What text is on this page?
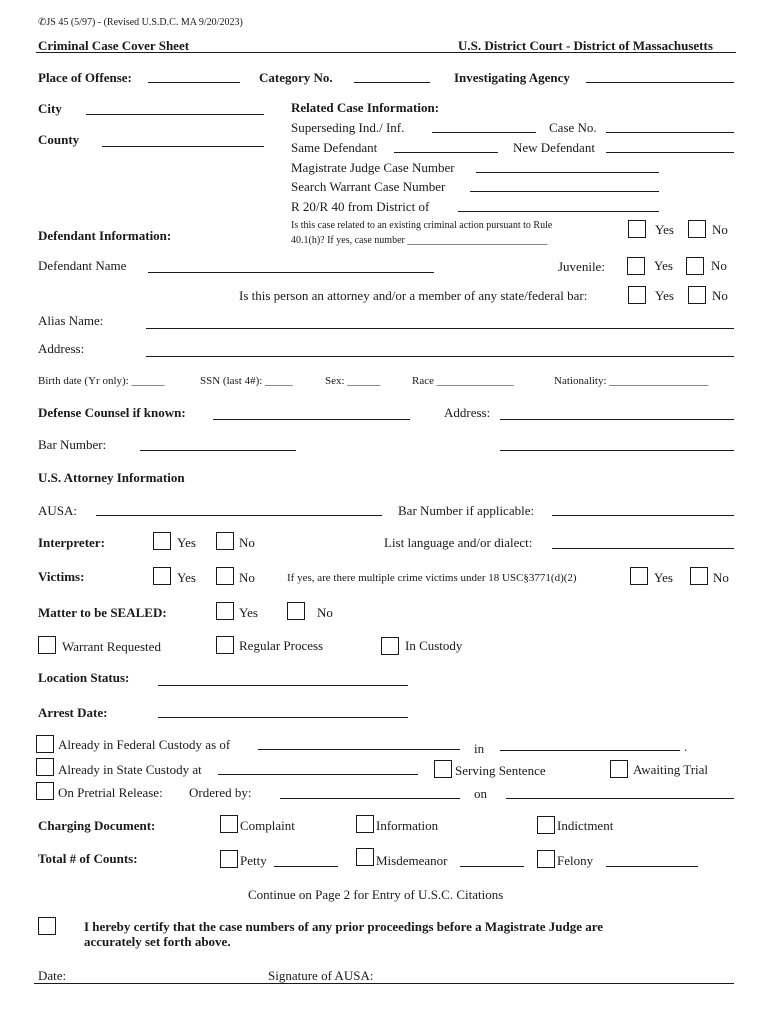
✆JS 45 (5/97) - (Revised U.S.D.C. MA 9/20/2023)
Criminal Case Cover Sheet	U.S. District Court - District of Massachusetts
Place of Offense:	Category No.	Investigating Agency
City
County
Related Case Information:
Superseding Ind./ Inf.	Case No.
Same Defendant	New Defendant
Magistrate Judge Case Number
Search Warrant Case Number
R 20/R 40 from District of
Is this case related to an existing criminal action pursuant to Rule
40.1(h)? If yes, case number ____________________________
Yes	No
Defendant Information:
Defendant Name	Juvenile:	Yes	No
Is this person an attorney and/or a member of any state/federal bar:	Yes	No
Alias Name:
Address:
Birth date (Yr only): ______	SSN (last 4#): _____	Sex: ______	Race ______________	Nationality: __________________
Defense Counsel if known:	Address:
Bar Number:
U.S. Attorney Information
AUSA:	Bar Number if applicable:
Interpreter:	Yes	No	List language and/or dialect:
Victims:	Yes	No	If yes, are there multiple crime victims under 18 USC§3771(d)(2)	Yes	No
Matter to be SEALED:	Yes	No
Warrant Requested	Regular Process	In Custody
Location Status:
Arrest Date:
Already in Federal Custody as of	in	.
Already in State Custody at	Serving Sentence	Awaiting Trial
On Pretrial Release: Ordered by:	on
Charging Document:	Complaint	Information	Indictment
Total # of Counts:	Petty	Misdemeanor	Felony
Continue on Page 2 for Entry of U.S.C. Citations
I hereby certify that the case numbers of any prior proceedings before a Magistrate Judge are
accurately set forth above.
Date:	Signature of AUSA:
